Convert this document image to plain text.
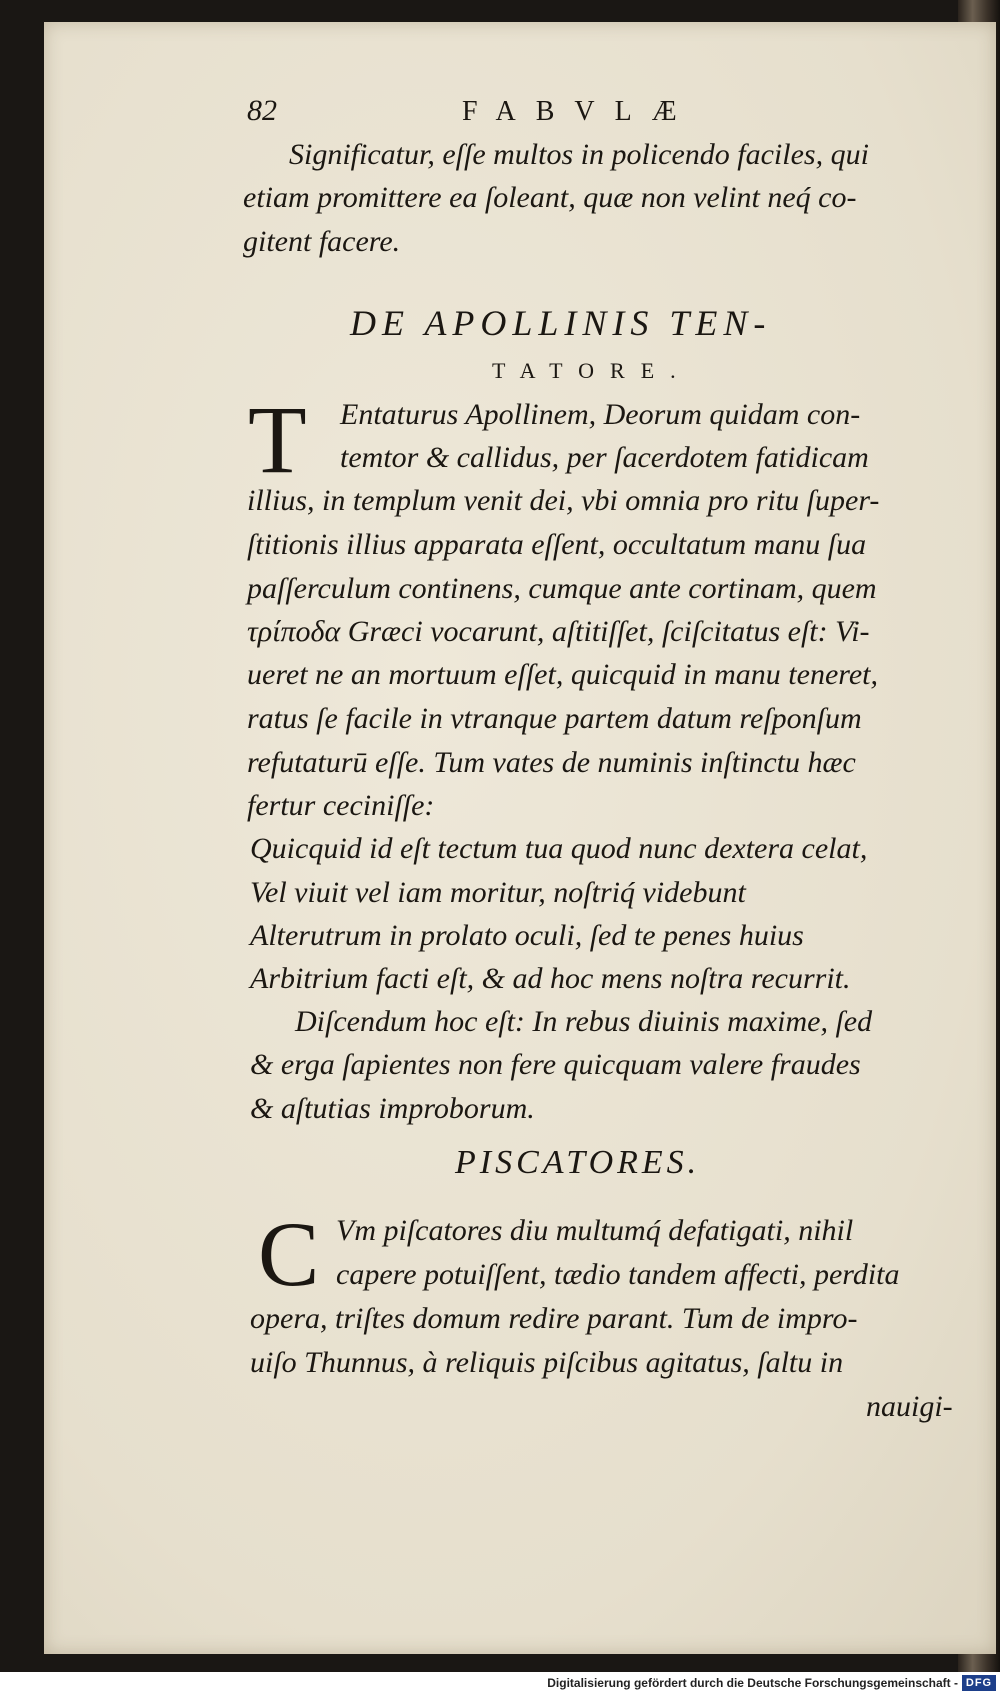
82	FABVLÆ
Significatur, eſſe multos in policendo faciles, qui
etiam promittere ea ſoleant, quæ non velint neq́ co-
gitent facere.
DE APOLLINIS TEN-
TATORE.
T Entaturus Apollinem, Deorum quidam con-
temtor & callidus, per ſacerdotem fatidicam
illius, in templum venit dei, vbi omnia pro ritu ſuper-
ſtitionis illius apparata eſſent, occultatum manu ſua
paſſerculum continens, cumque ante cortinam, quem
τρίποδα Græci vocarunt, aſtitiſſet, ſciſcitatus eſt: Vi-
ueret ne an mortuum eſſet, quicquid in manu teneret,
ratus ſe facile in vtranque partem datum reſponſum
refutaturū eſſe. Tum vates de numinis inſtinctu hæc
fertur ceciniſſe:
Quicquid id eſt tectum tua quod nunc dextera celat,
Vel viuit vel iam moritur, noſtriq́ videbunt
Alterutrum in prolato oculi, ſed te penes huius
Arbitrium facti eſt, & ad hoc mens noſtra recurrit.
Diſcendum hoc eſt: In rebus diuinis maxime, ſed
& erga ſapientes non fere quicquam valere fraudes
& aſtutias improborum.
PISCATORES.
C Vm piſcatores diu multumq́ defatigati, nihil
capere potuiſſent, tædio tandem affecti, perdita
opera, triſtes domum redire parant. Tum de impro-
uiſo Thunnus, à reliquis piſcibus agitatus, ſaltu in
nauigi-
Digitalisierung gefördert durch die Deutsche Forschungsgemeinschaft - DFG
